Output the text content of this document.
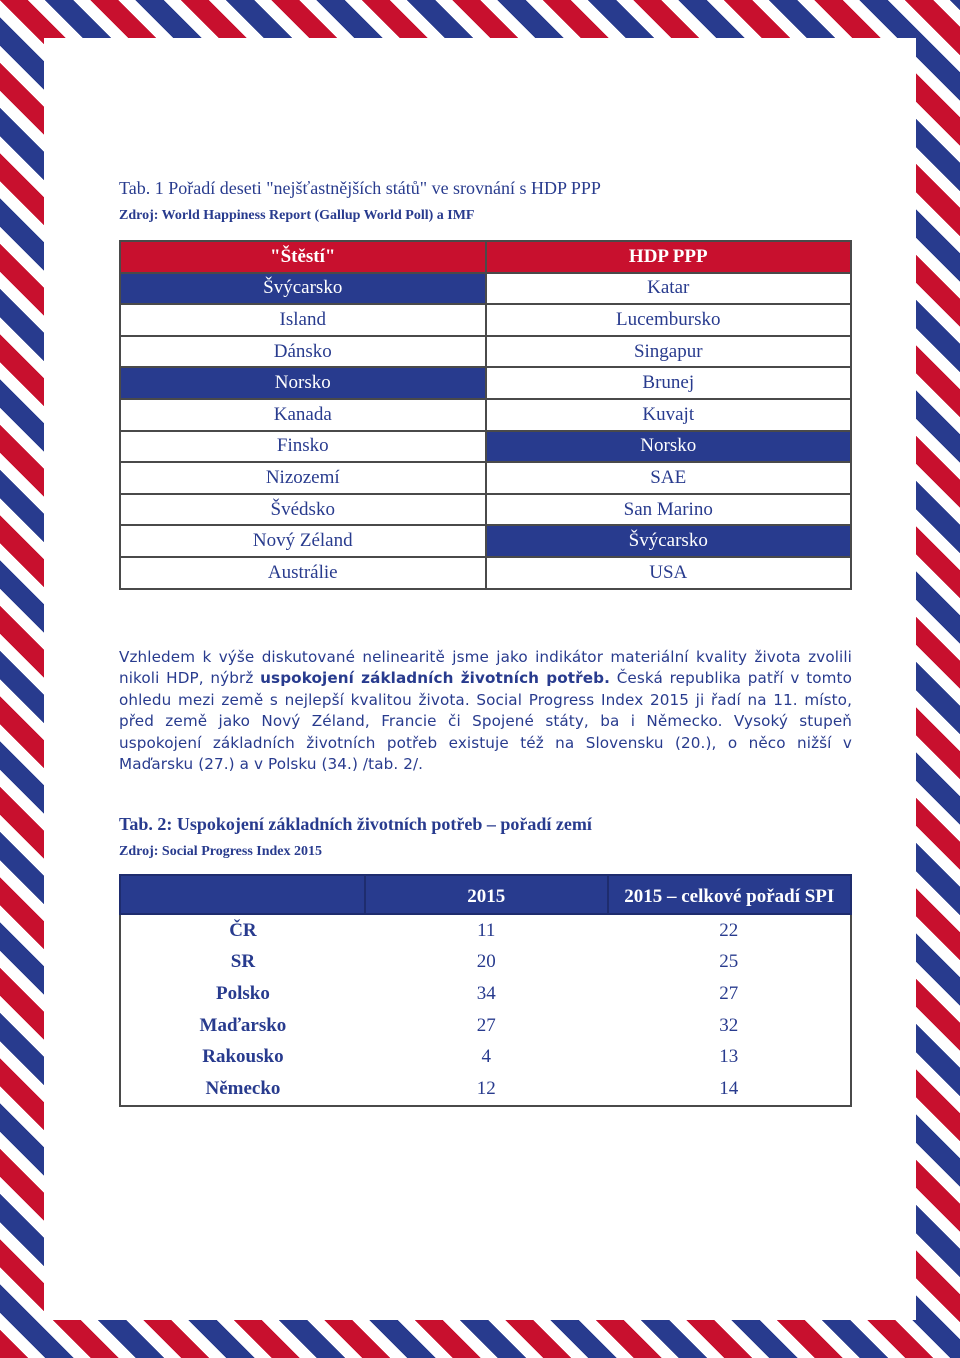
Tab. 1 Pořadí deseti "nejšťastnějších států" ve srovnání s HDP PPP
Zdroj: World Happiness Report (Gallup World Poll) a IMF
"Štěstí"	HDP PPP
Švýcarsko	Katar
Island	Lucembursko
Dánsko	Singapur
Norsko	Brunej
Kanada	Kuvajt
Finsko	Norsko
Nizozemí	SAE
Švédsko	San Marino
Nový Zéland	Švýcarsko
Austrálie	USA
Vzhledem k výše diskutované nelinearitě jsme jako indikátor materiální kvality života zvolili nikoli HDP, nýbrž uspokojení základních životních potřeb. Česká republika patří v tomto ohledu mezi země s nejlepší kvalitou života. Social Progress Index 2015 ji řadí na 11. místo, před země jako Nový Zéland, Francie či Spojené státy, ba i Německo. Vysoký stupeň uspokojení základních životních potřeb existuje též na Slovensku (20.), o něco nižší v Maďarsku (27.) a v Polsku (34.) /tab. 2/.
Tab. 2: Uspokojení základních životních potřeb – pořadí zemí
Zdroj: Social Progress Index 2015
	2015	2015 – celkové pořadí SPI
ČR	11	22
SR	20	25
Polsko	34	27
Maďarsko	27	32
Rakousko	4	13
Německo	12	14
